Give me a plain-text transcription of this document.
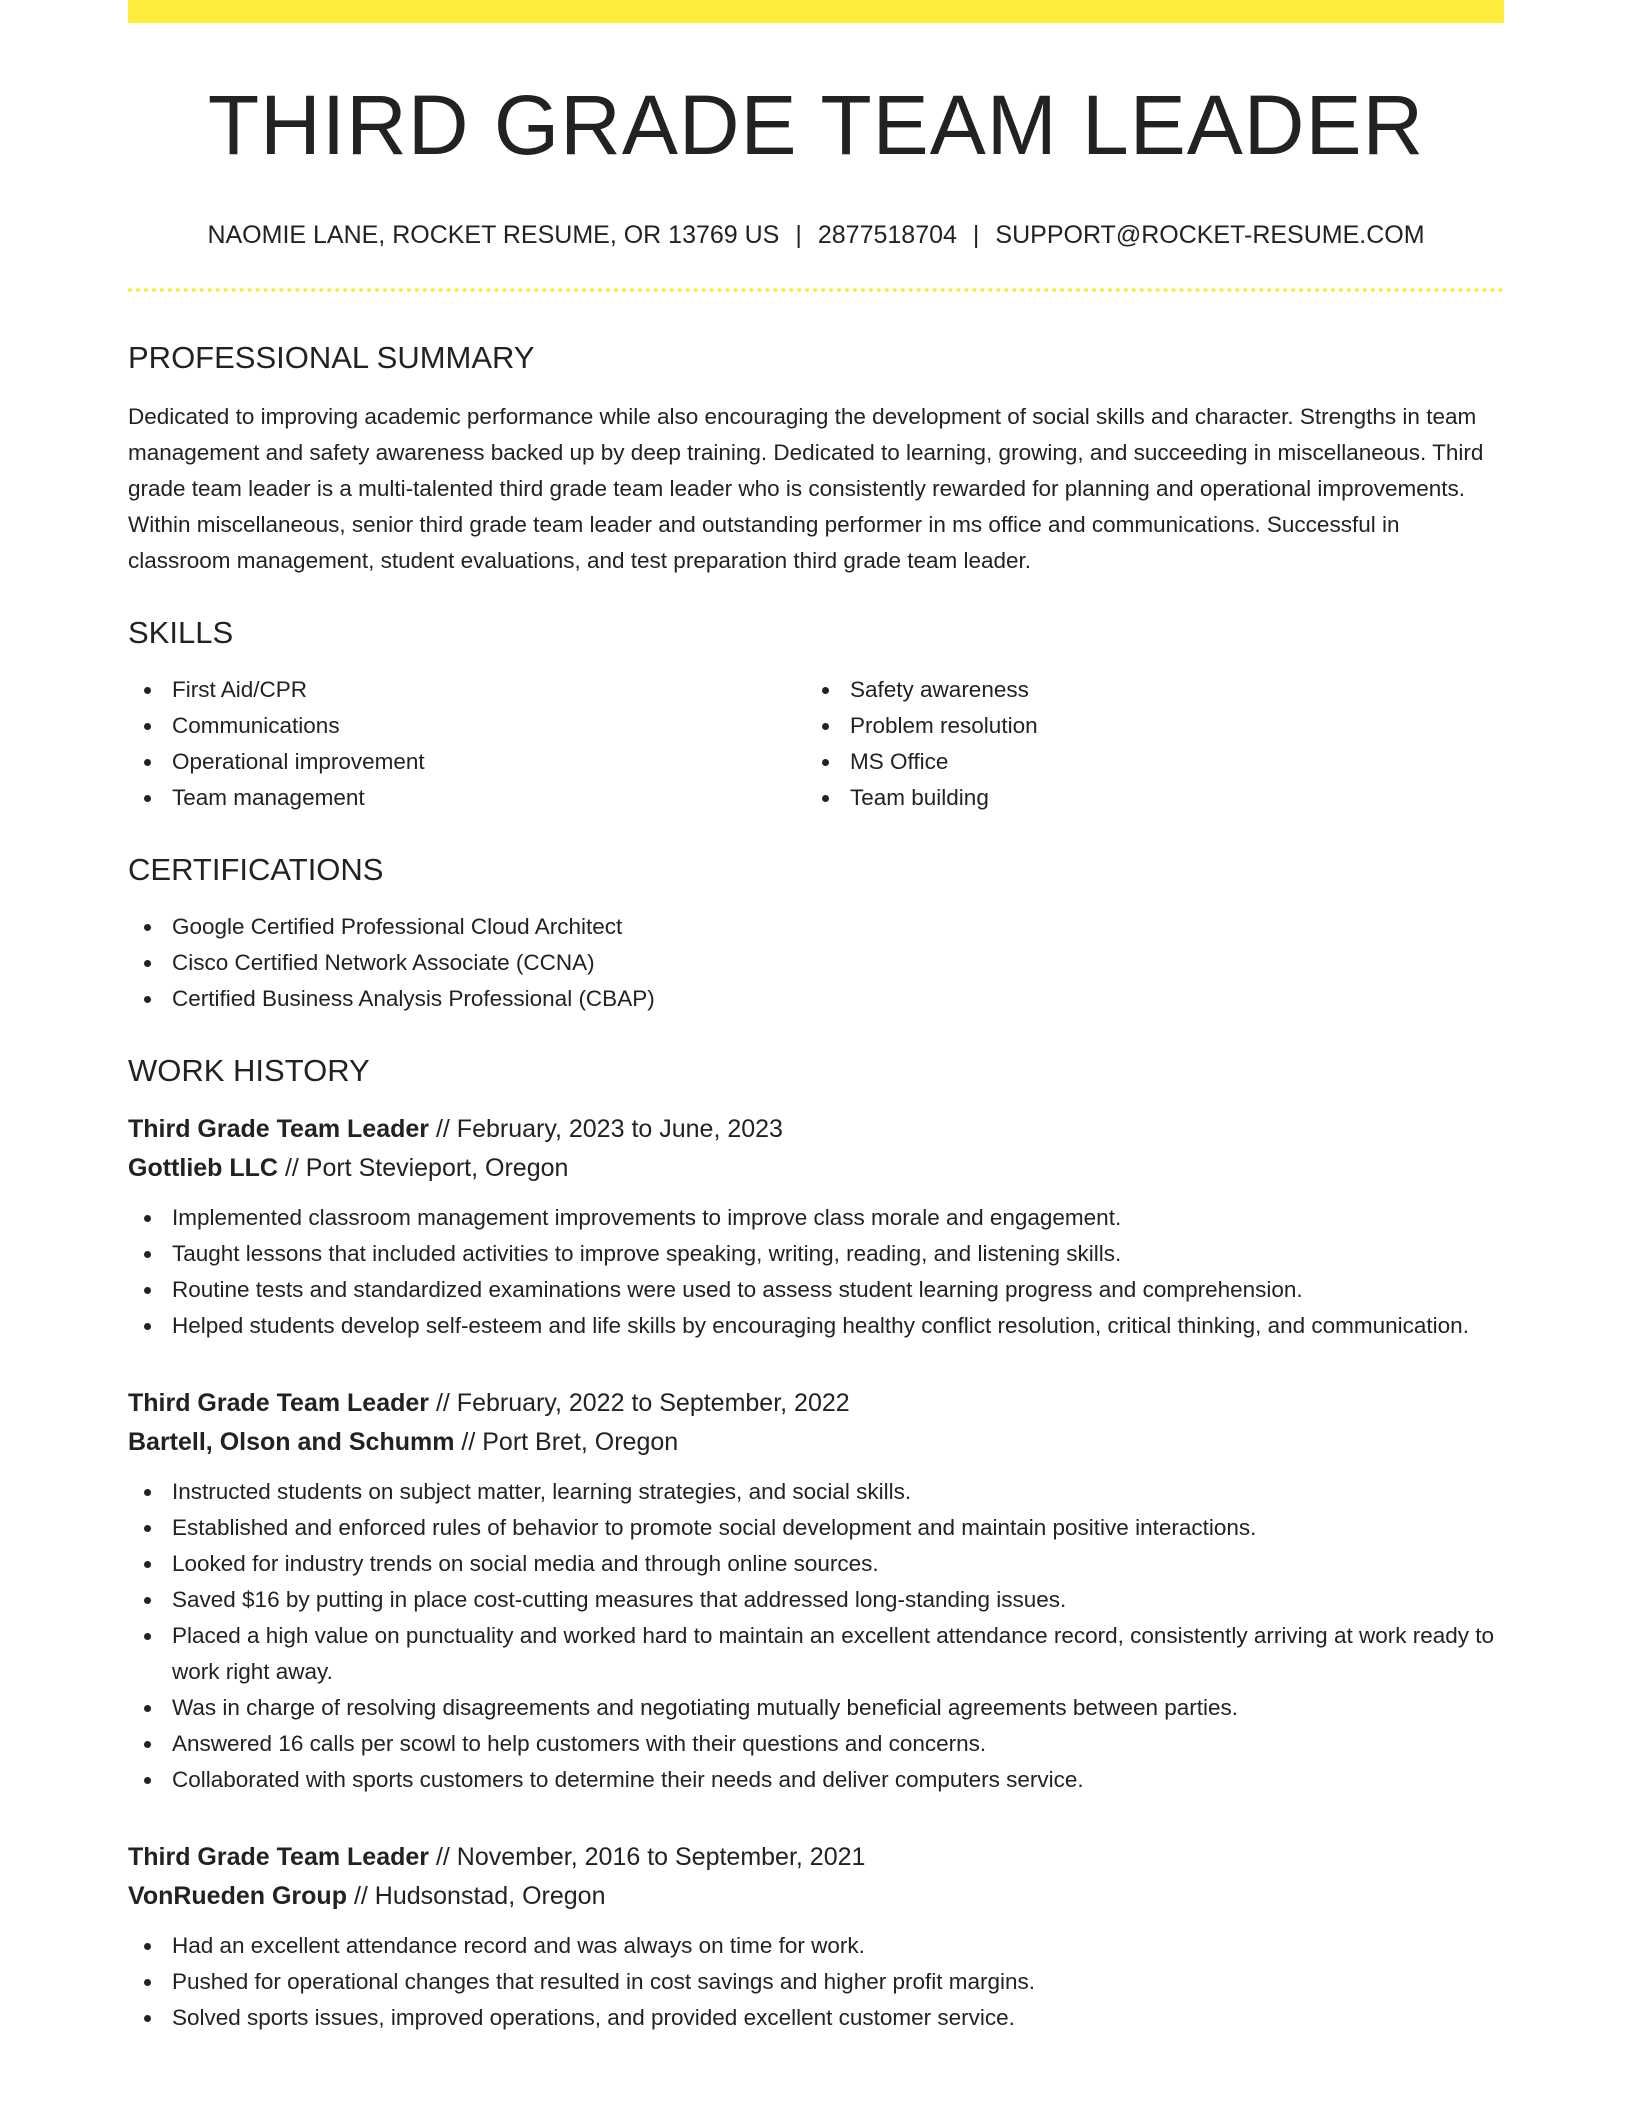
THIRD GRADE TEAM LEADER
NAOMIE LANE, ROCKET RESUME, OR 13769 US | 2877518704 | SUPPORT@ROCKET-RESUME.COM
PROFESSIONAL SUMMARY

Dedicated to improving academic performance while also encouraging the development of social skills and character. Strengths in team management and safety awareness backed up by deep training. Dedicated to learning, growing, and succeeding in miscellaneous. Third grade team leader is a multi-talented third grade team leader who is consistently rewarded for planning and operational improvements. Within miscellaneous, senior third grade team leader and outstanding performer in ms office and communications. Successful in classroom management, student evaluations, and test preparation third grade team leader.

SKILLS
First Aid/CPR
Communications
Operational improvement
Team management
Safety awareness
Problem resolution
MS Office
Team building
CERTIFICATIONS
Google Certified Professional Cloud Architect
Cisco Certified Network Associate (CCNA)
Certified Business Analysis Professional (CBAP)
WORK HISTORY
Third Grade Team Leader // February, 2023 to June, 2023
Gottlieb LLC // Port Stevieport, Oregon
Implemented classroom management improvements to improve class morale and engagement.
Taught lessons that included activities to improve speaking, writing, reading, and listening skills.
Routine tests and standardized examinations were used to assess student learning progress and comprehension.
Helped students develop self-esteem and life skills by encouraging healthy conflict resolution, critical thinking, and communication.
Third Grade Team Leader // February, 2022 to September, 2022
Bartell, Olson and Schumm // Port Bret, Oregon
Instructed students on subject matter, learning strategies, and social skills.
Established and enforced rules of behavior to promote social development and maintain positive interactions.
Looked for industry trends on social media and through online sources.
Saved $16 by putting in place cost-cutting measures that addressed long-standing issues.
Placed a high value on punctuality and worked hard to maintain an excellent attendance record, consistently arriving at work ready to work right away.
Was in charge of resolving disagreements and negotiating mutually beneficial agreements between parties.
Answered 16 calls per scowl to help customers with their questions and concerns.
Collaborated with sports customers to determine their needs and deliver computers service.
Third Grade Team Leader // November, 2016 to September, 2021
VonRueden Group // Hudsonstad, Oregon
Had an excellent attendance record and was always on time for work.
Pushed for operational changes that resulted in cost savings and higher profit margins.
Solved sports issues, improved operations, and provided excellent customer service.
